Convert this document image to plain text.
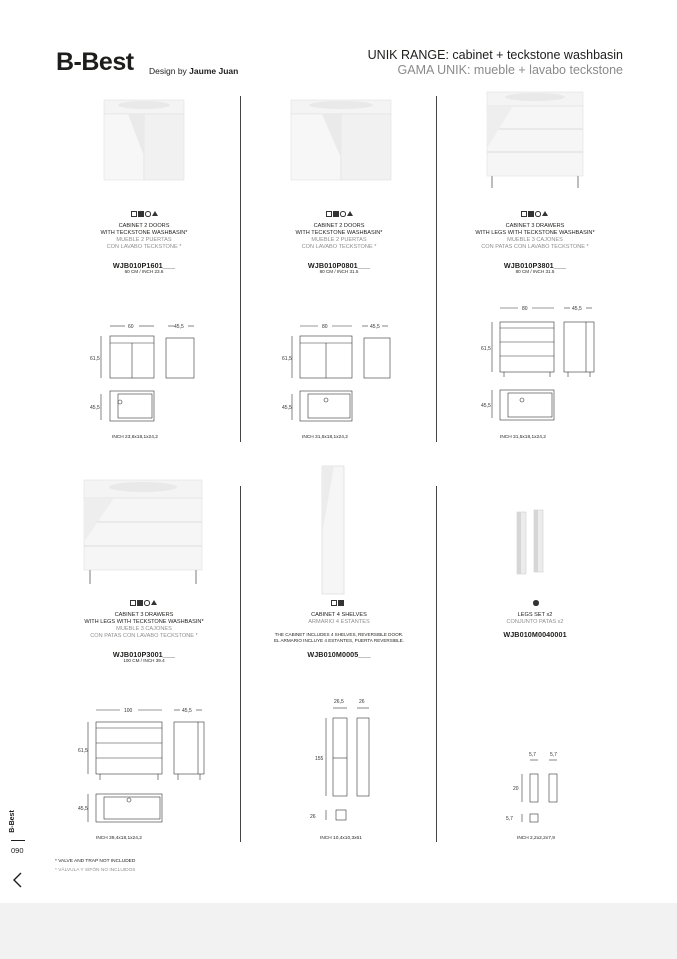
B-Best Design by Jaume Juan
UNIK RANGE: cabinet + teckstone washbasin
GAMA UNIK: mueble + lavabo teckstone
CABINET 2 DOORS
WITH TECKSTONE WASHBASIN*
MUEBLE 2 PUERTAS
CON LAVABO TECKSTONE *
WJB010P1601___
60 CM / INCH 23.6
60	45,5
61,5
45,5
INCH 23,6x18,1x24,2
CABINET 2 DOORS
WITH TECKSTONE WASHBASIN*
MUEBLE 2 PUERTAS
CON LAVABO TECKSTONE *
WJB010P0801___
80 CM / INCH 31.5
80	45,5
61,5
45,5
INCH 31,5x18,1x24,2
CABINET 3 DRAWERS
WITH LEGS WITH TECKSTONE WASHBASIN*
MUEBLE 3 CAJONES
CON PATAS CON LAVABO TECKSTONE *
WJB010P3801___
80 CM / INCH 31.5
80	45,5
61,5
45,5
INCH 31,5x18,1x24,2
CABINET 3 DRAWERS
WITH LEGS WITH TECKSTONE WASHBASIN*
MUEBLE 3 CAJONES
CON PATAS CON LAVABO TECKSTONE *
WJB010P3001___
100 CM / INCH 39.4
100	45,5
61,5
45,5
INCH 39,4x18,1x24,2
CABINET 4 SHELVES
ARMARIO 4 ESTANTES
THE CABINET INCLUDES 4 SHELVES, REVERSIBLE DOOR.
EL ARMARIO INCLUYE 4 ESTANTES, PUERTA REVERSIBLE.
WJB010M0005___
26,5	26
155
26
INCH 10,4x10,3x61
LEGS SET x2
CONJUNTO PATAS x2
WJB010M0040001
5,7	5,7
20
5,7
INCH 2,2x2,2x7,9
* VALVE AND TRAP NOT INCLUDED
* VÁLVULA Y SIFÓN NO INCLUIDOS
B-Best
090
